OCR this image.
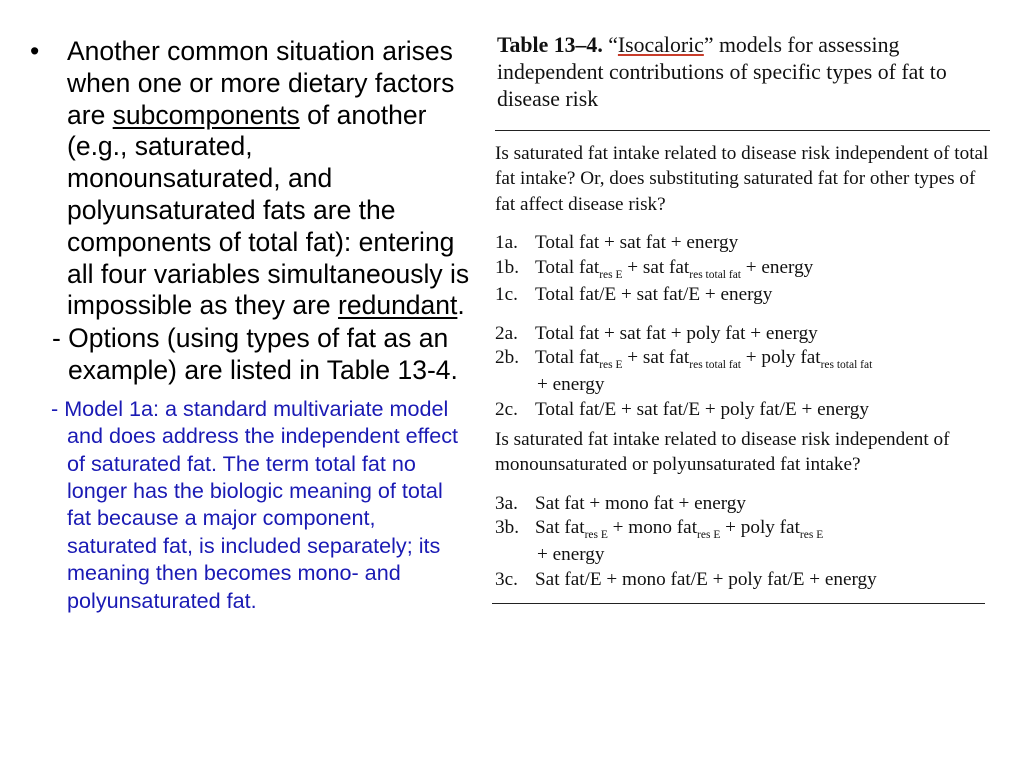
• Another common situation arises when one or more dietary factors are subcomponents of another (e.g., saturated, monounsaturated, and polyunsaturated fats are the components of total fat): entering all four variables simultaneously is impossible as they are redundant.
- Options (using types of fat as an example) are listed in Table 13-4.
- Model 1a: a standard multivariate model and does address the independent effect of saturated fat. The term total fat no longer has the biologic meaning of total fat because a major component, saturated fat, is included separately; its meaning then becomes mono- and polyunsaturated fat.
Table 13–4. “Isocaloric” models for assessing independent contributions of specific types of fat to disease risk
Is saturated fat intake related to disease risk independent of total fat intake? Or, does substituting saturated fat for other types of fat affect disease risk?
1a. Total fat + sat fat + energy
1b. Total fat$_{res E}$ + sat fat$_{res total fat}$ + energy
1c. Total fat/E + sat fat/E + energy
2a. Total fat + sat fat + poly fat + energy
2b. Total fat$_{res E}$ + sat fat$_{res total fat}$ + poly fat$_{res total fat}$
+ energy
2c. Total fat/E + sat fat/E + poly fat/E + energy
Is saturated fat intake related to disease risk independent of monounsaturated or polyunsaturated fat intake?
3a. Sat fat + mono fat + energy
3b. Sat fat$_{res E}$ + mono fat$_{res E}$ + poly fat$_{res E}$
+ energy
3c. Sat fat/E + mono fat/E + poly fat/E + energy
